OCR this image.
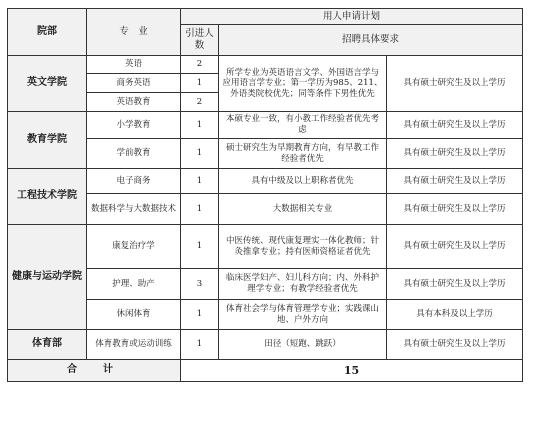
院部	专　业	用人申请计划		
		引进人数	招聘具体要求	
英文学院	英语	2	所学专业为英语语言文学、外国语言学与应用语言学专业；第一学历为985、211、外语类院校优先；同等条件下男性优先	具有硕士研究生及以上学历
	商务英语	1		
	英语教育	2		
教育学院	小学教育	1	本硕专业一致，有小教工作经验者优先考虑	具有硕士研究生及以上学历
	学前教育	1	硕士研究生为早期教育方向，有早教工作经验者优先	具有硕士研究生及以上学历
工程技术学院	电子商务	1	具有中级及以上职称者优先	具有硕士研究生及以上学历
	数据科学与大数据技术	1	大数据相关专业	具有硕士研究生及以上学历
健康与运动学院	康复治疗学	1	中医传统、现代康复理实一体化教师；针灸推拿专业；持有医师资格证者优先	具有硕士研究生及以上学历
	护理、助产	3	临床医学妇产、妇儿科方向；内、外科护理学专业；有教学经验者优先	具有硕士研究生及以上学历
	休闲体育	1	体育社会学与体育管理学专业；实践课山地、户外方向	具有本科及以上学历
体育部	体育教育或运动训练	1	田径（短跑、跳跃）	具有硕士研究生及以上学历
合　计		15		
